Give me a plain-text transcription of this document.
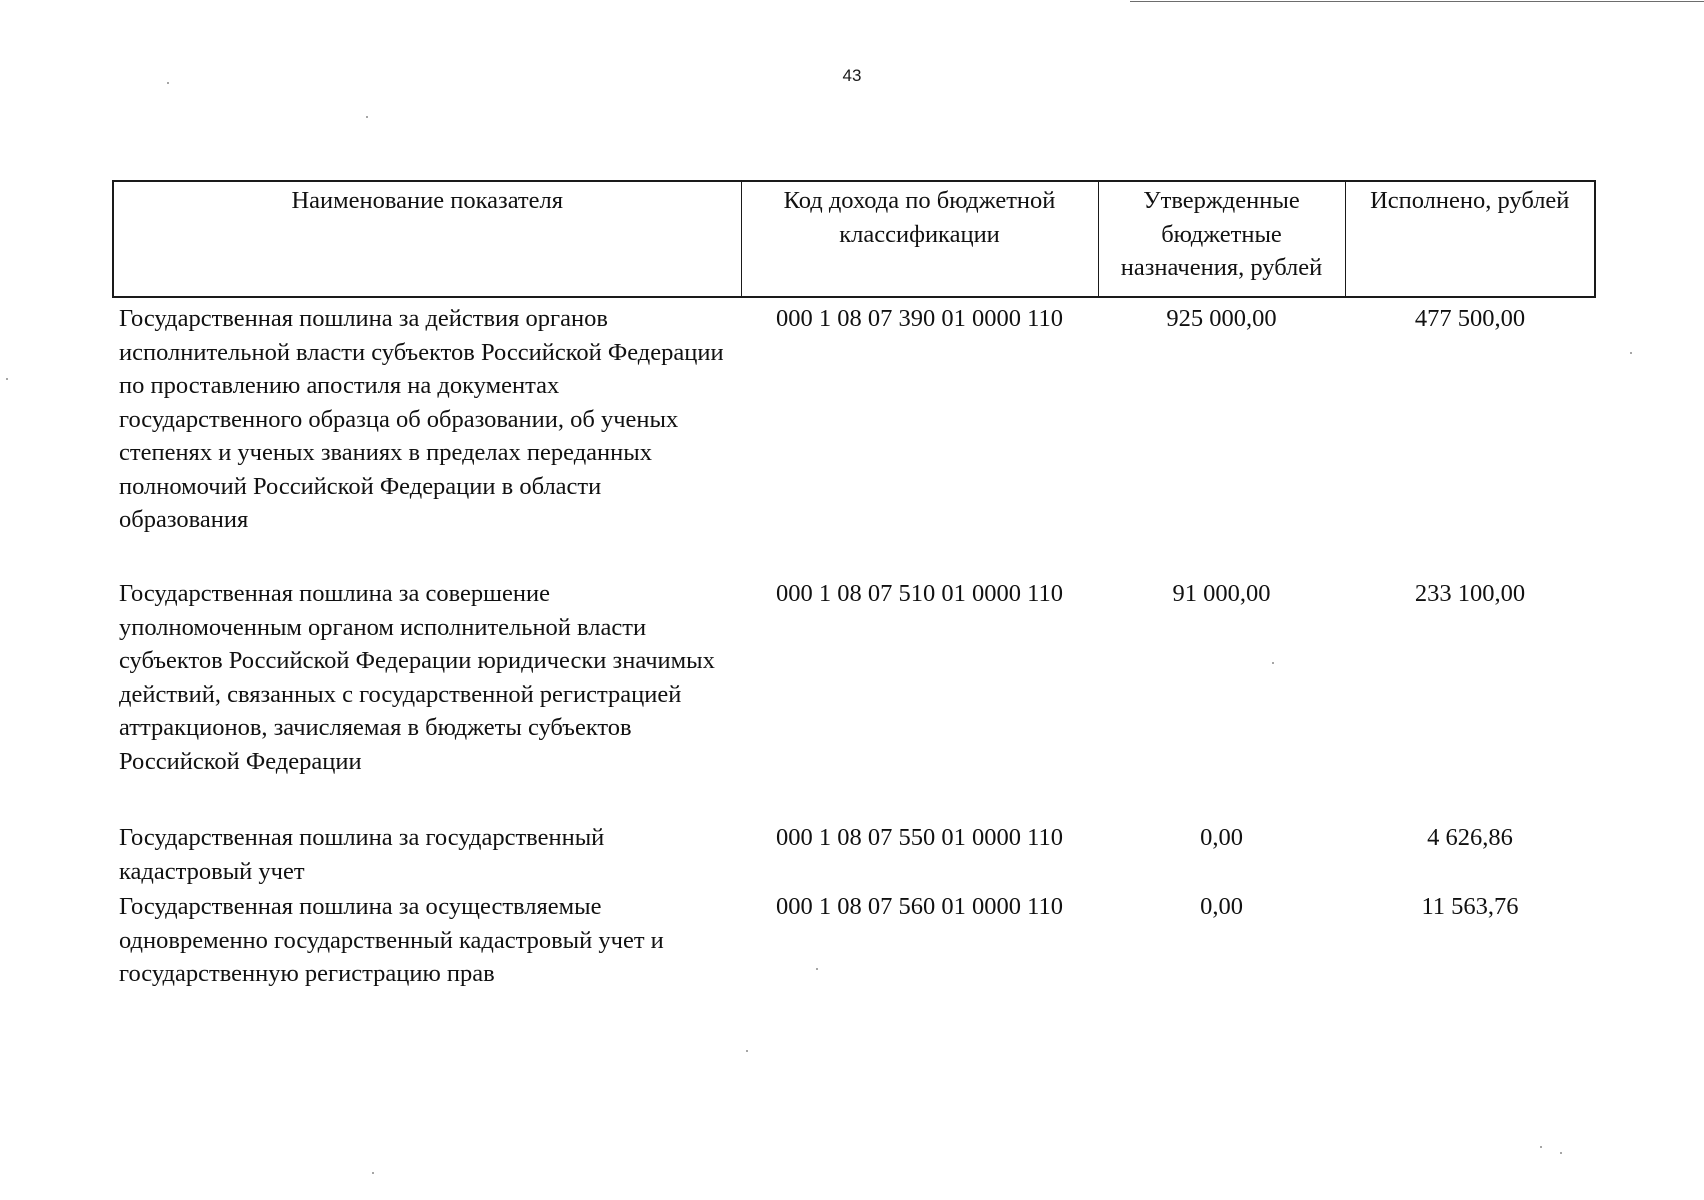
43
Наименование показателя	Код дохода по бюджетной классификации	Утвержденные бюджетные назначения, рублей	Исполнено, рублей
Государственная пошлина за действия органов исполнительной власти субъектов Российской Федерации по проставлению апостиля на документах государственного образца об образовании, об ученых степенях и ученых званиях в пределах переданных полномочий Российской Федерации в области образования	000 1 08 07 390 01 0000 110	925 000,00	477 500,00
Государственная пошлина за совершение уполномоченным органом исполнительной власти субъектов Российской Федерации юридически значимых действий, связанных с государственной регистрацией аттракционов, зачисляемая в бюджеты субъектов Российской Федерации	000 1 08 07 510 01 0000 110	91 000,00	233 100,00
Государственная пошлина за государственный кадастровый учет	000 1 08 07 550 01 0000 110	0,00	4 626,86
Государственная пошлина за осуществляемые одновременно государственный кадастровый учет и государственную регистрацию прав	000 1 08 07 560 01 0000 110	0,00	11 563,76
